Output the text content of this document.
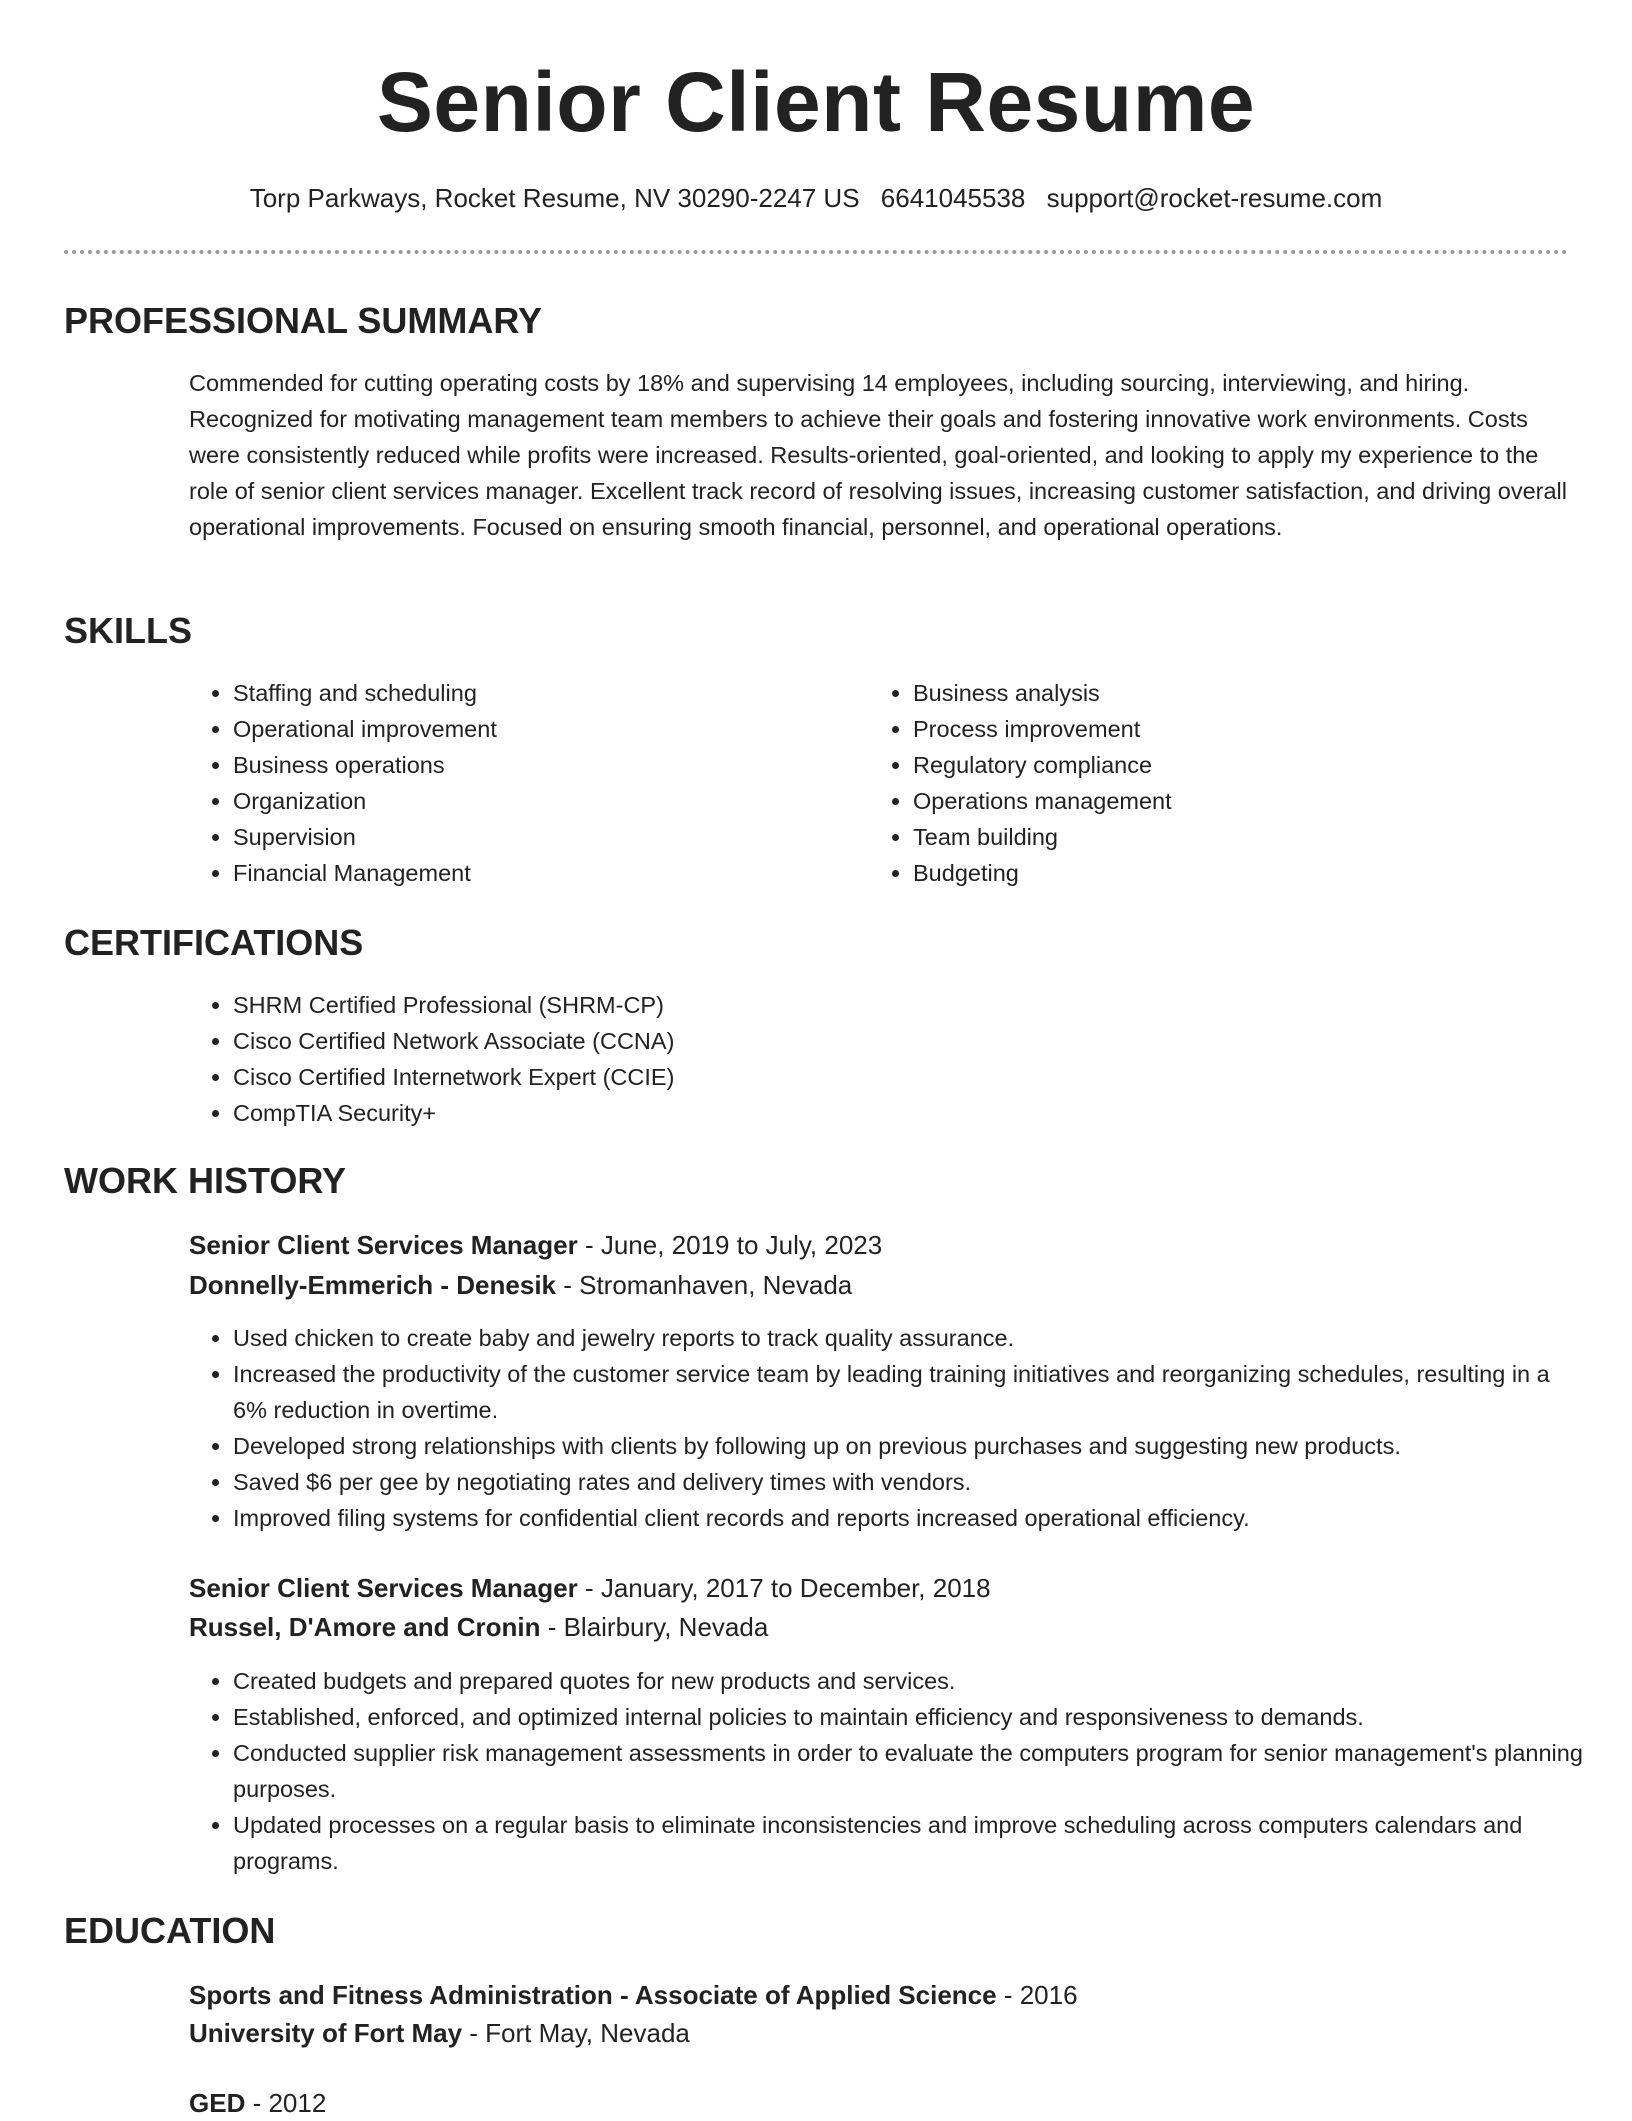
Senior Client Resume
Torp Parkways, Rocket Resume, NV 30290-2247 US 6641045538 support@rocket-resume.com
PROFESSIONAL SUMMARY
Commended for cutting operating costs by 18% and supervising 14 employees, including sourcing, interviewing, and hiring. Recognized for motivating management team members to achieve their goals and fostering innovative work environments. Costs were consistently reduced while profits were increased. Results-oriented, goal-oriented, and looking to apply my experience to the role of senior client services manager. Excellent track record of resolving issues, increasing customer satisfaction, and driving overall operational improvements. Focused on ensuring smooth financial, personnel, and operational operations.
SKILLS
• Staffing and scheduling
• Operational improvement
• Business operations
• Organization
• Supervision
• Financial Management
• Business analysis
• Process improvement
• Regulatory compliance
• Operations management
• Team building
• Budgeting
CERTIFICATIONS
• SHRM Certified Professional (SHRM-CP)
• Cisco Certified Network Associate (CCNA)
• Cisco Certified Internetwork Expert (CCIE)
• CompTIA Security+
WORK HISTORY
Senior Client Services Manager - June, 2019 to July, 2023
Donnelly-Emmerich - Denesik - Stromanhaven, Nevada
• Used chicken to create baby and jewelry reports to track quality assurance.
• Increased the productivity of the customer service team by leading training initiatives and reorganizing schedules, resulting in a 6% reduction in overtime.
• Developed strong relationships with clients by following up on previous purchases and suggesting new products.
• Saved $6 per gee by negotiating rates and delivery times with vendors.
• Improved filing systems for confidential client records and reports increased operational efficiency.
Senior Client Services Manager - January, 2017 to December, 2018
Russel, D'Amore and Cronin - Blairbury, Nevada
• Created budgets and prepared quotes for new products and services.
• Established, enforced, and optimized internal policies to maintain efficiency and responsiveness to demands.
• Conducted supplier risk management assessments in order to evaluate the computers program for senior management's planning purposes.
• Updated processes on a regular basis to eliminate inconsistencies and improve scheduling across computers calendars and programs.
EDUCATION
Sports and Fitness Administration - Associate of Applied Science - 2016
University of Fort May - Fort May, Nevada
GED - 2012
